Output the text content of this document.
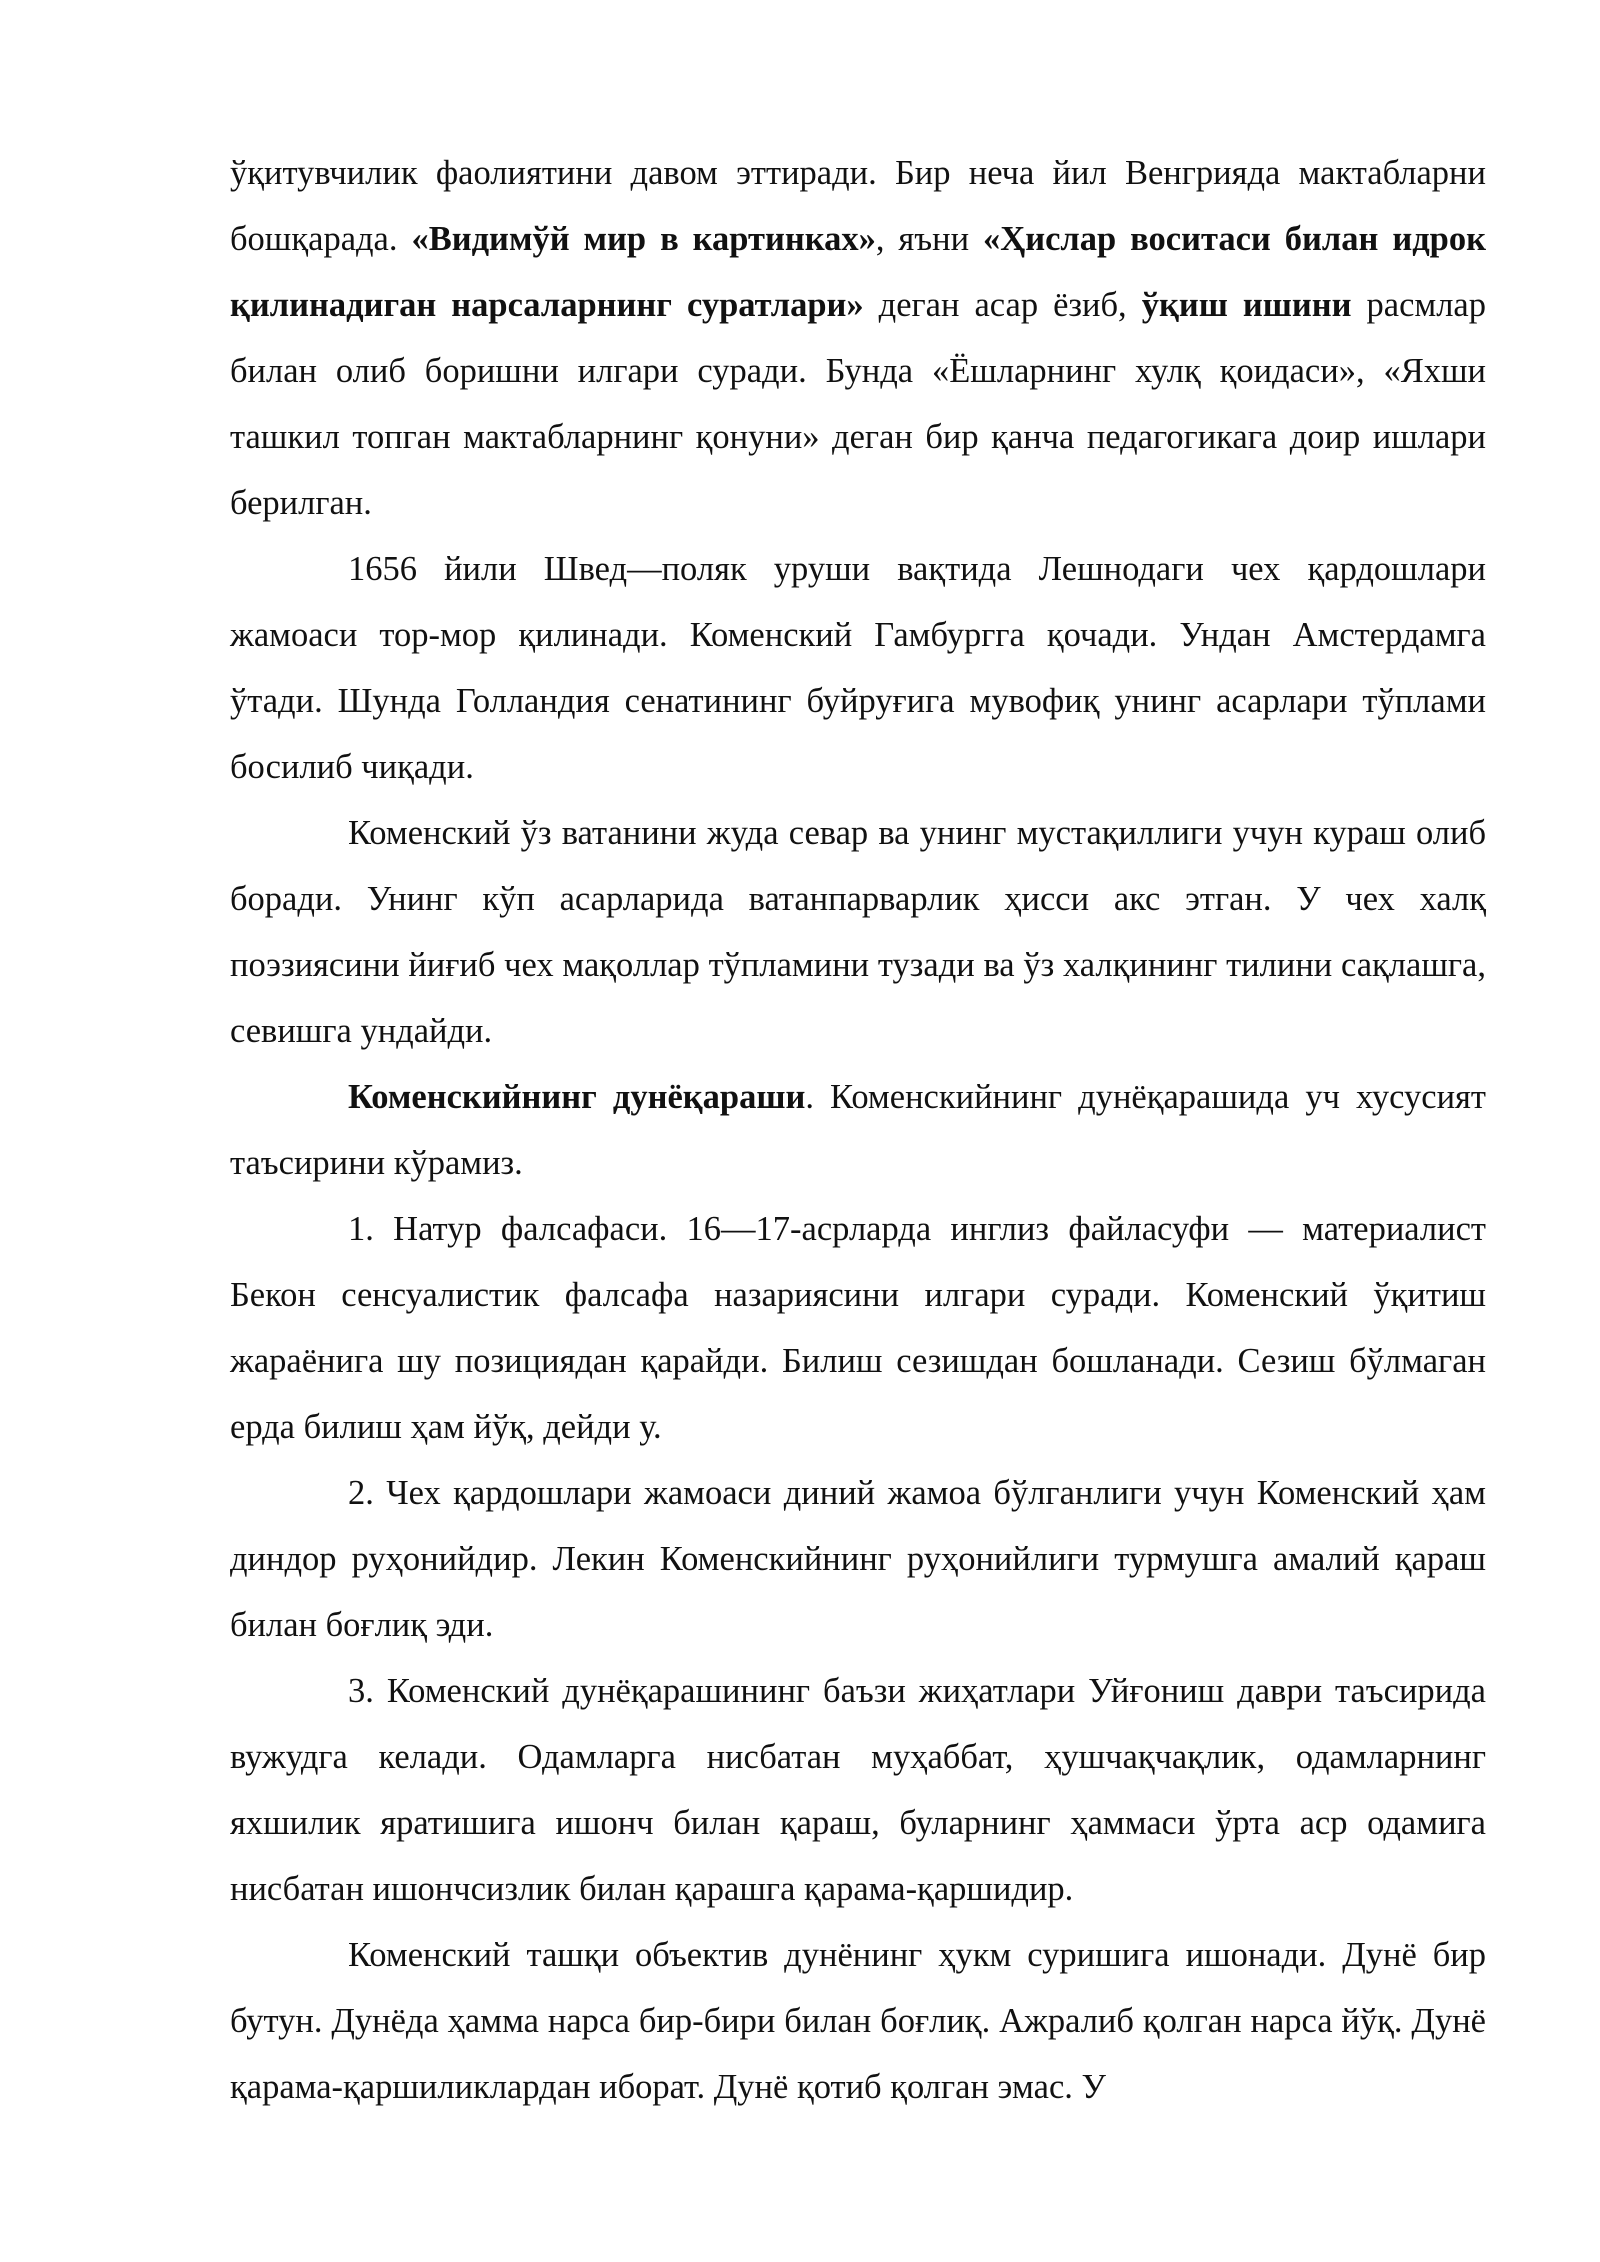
ўқитувчилик фаолиятини давом эттиради. Бир неча йил Венгрияда мактабларни бошқарада. «Видимўй мир в картинках», яъни «Ҳислар воситаси билан идрок қилинадиган нарсаларнинг суратлари» деган асар ёзиб, ўқиш ишини расмлар билан олиб боришни илгари суради. Бунда «Ёшларнинг хулқ қоидаси», «Яхши ташкил топган мактабларнинг қонуни» деган бир қанча педагогикага доир ишлари берилган.

1656 йили Швед—поляк уруши вақтида Лешнодаги чех қардошлари жамоаси тор-мор қилинади. Коменский Гамбургга қочади. Ундан Амстердамга ўтади. Шунда Голландия сенатининг буйруғига мувофиқ унинг асарлари тўплами босилиб чиқади.

Коменский ўз ватанини жуда севар ва унинг мустақиллиги учун кураш олиб боради. Унинг кўп асарларида ватанпарварлик ҳисси акс этган. У чех халқ поэзиясини йиғиб чех мақоллар тўпламини тузади ва ўз халқининг тилини сақлашга, севишга ундайди.

Коменскийнинг дунёқараши. Коменскийнинг дунёқарашида уч хусусият таъсирини кўрамиз.

1. Натур фалсафаси. 16—17-асрларда инглиз файласуфи — материалист Бекон сенсуалистик фалсафа назариясини илгари суради. Коменский ўқитиш жараёнига шу позициядан қарайди. Билиш сезишдан бошланади. Сезиш бўлмаган ерда билиш ҳам йўқ, дейди у.

2. Чех қардошлари жамоаси диний жамоа бўлганлиги учун Коменский ҳам диндор руҳонийдир. Лекин Коменскийнинг руҳонийлиги турмушга амалий қараш билан боғлиқ эди.

3. Коменский дунёқарашининг баъзи жиҳатлари Уйғониш даври таъсирида вужудга келади. Одамларга нисбатан муҳаббат, ҳушчақчақлик, одамларнинг яхшилик яратишига ишонч билан қараш, буларнинг ҳаммаси ўрта аср одамига нисбатан ишончсизлик билан қарашга қарама-қаршидир.

Коменский ташқи объектив дунёнинг ҳукм суришига ишонади. Дунё бир бутун. Дунёда ҳамма нарса бир-бири билан боғлиқ. Ажралиб қолган нарса йўқ. Дунё қарама-қаршиликлардан иборат. Дунё қотиб қолган эмас. У
